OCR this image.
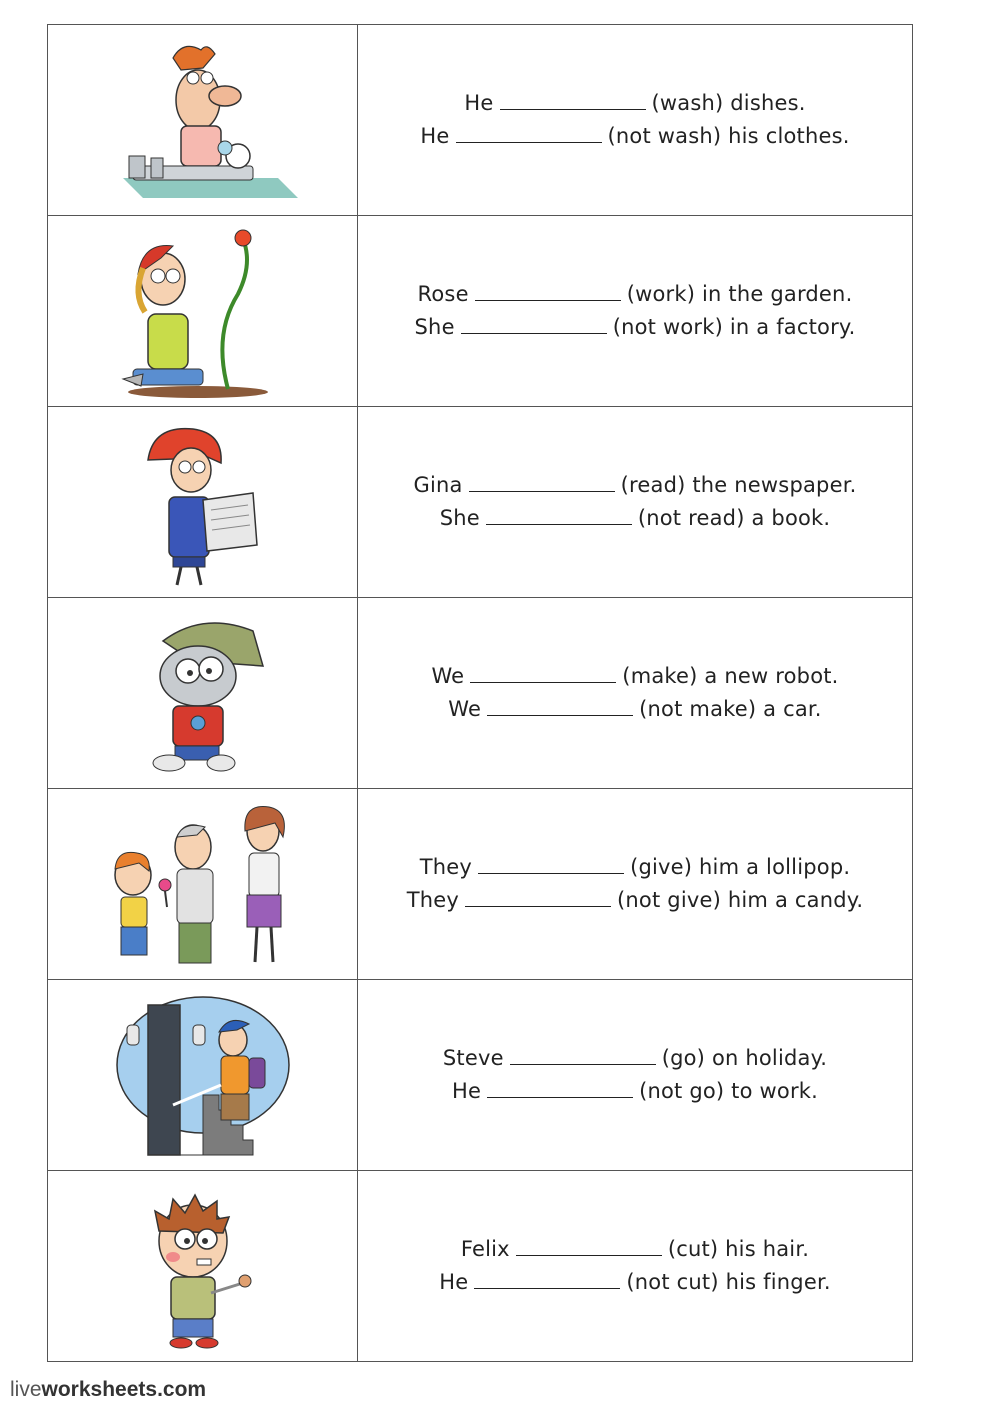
He (wash) dishes.
He (not wash) his clothes.

Rose (work) in the garden.
She (not work) in a factory.

Gina (read) the newspaper.
She (not read) a book.

We (make) a new robot.
We (not make) a car.

They (give) him a lollipop.
They (not give) him a candy.

Steve (go) on holiday.
He (not go) to work.

Felix (cut) his hair.
He (not cut) his finger.
liveworksheets.com
